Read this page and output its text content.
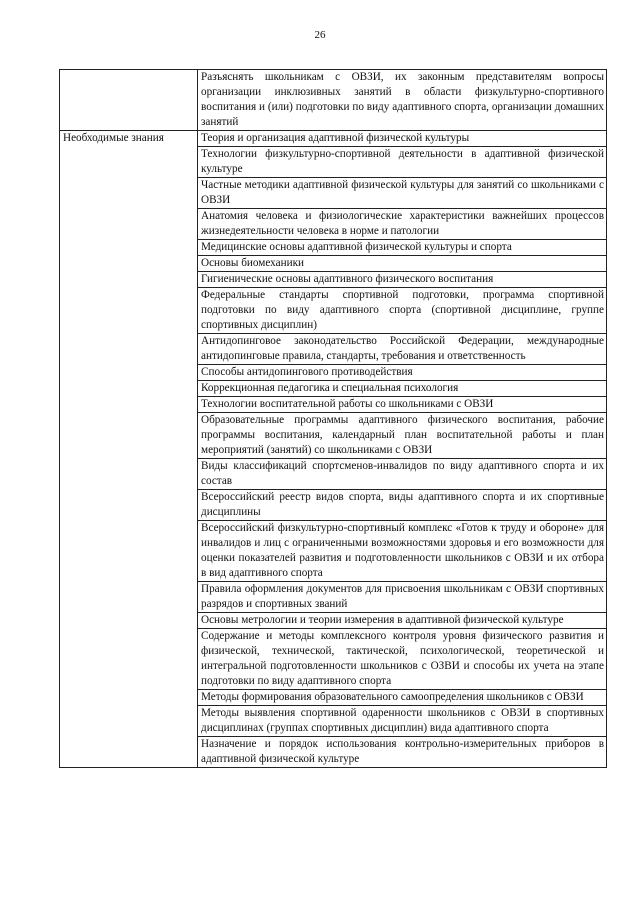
26
	Разъяснять школьникам с ОВЗИ, их законным представителям вопросы организации инклюзивных занятий в области физкультурно-спортивного воспитания и (или) подготовки по виду адаптивного спорта, организации домашних занятий
Необходимые знания	Теория и организация адаптивной физической культуры
	Технологии физкультурно-спортивной деятельности в адаптивной физической культуре
	Частные методики адаптивной физической культуры для занятий со школьниками с ОВЗИ
	Анатомия человека и физиологические характеристики важнейших процессов жизнедеятельности человека в норме и патологии
	Медицинские основы адаптивной физической культуры и спорта
	Основы биомеханики
	Гигиенические основы адаптивного физического воспитания
	Федеральные стандарты спортивной подготовки, программа спортивной подготовки по виду адаптивного спорта (спортивной дисциплине, группе спортивных дисциплин)
	Антидопинговое законодательство Российской Федерации, международные антидопинговые правила, стандарты, требования и ответственность
	Способы антидопингового противодействия
	Коррекционная педагогика и специальная психология
	Технологии воспитательной работы со школьниками с ОВЗИ
	Образовательные программы адаптивного физического воспитания, рабочие программы воспитания, календарный план воспитательной работы и план мероприятий (занятий) со школьниками с ОВЗИ
	Виды классификаций спортсменов-инвалидов по виду адаптивного спорта и их состав
	Всероссийский реестр видов спорта, виды адаптивного спорта и их спортивные дисциплины
	Всероссийский физкультурно-спортивный комплекс «Готов к труду и обороне» для инвалидов и лиц с ограниченными возможностями здоровья и его возможности для оценки показателей развития и подготовленности школьников с ОВЗИ и их отбора в вид адаптивного спорта
	Правила оформления документов для присвоения школьникам с ОВЗИ спортивных разрядов и спортивных званий
	Основы метрологии и теории измерения в адаптивной физической культуре
	Содержание и методы комплексного контроля уровня физического развития и физической, технической, тактической, психологической, теоретической и интегральной подготовленности школьников с ОЗВИ и способы их учета на этапе подготовки по виду адаптивного спорта
	Методы формирования образовательного самоопределения школьников с ОВЗИ
	Методы выявления спортивной одаренности школьников с ОВЗИ в спортивных дисциплинах (группах спортивных дисциплин) вида адаптивного спорта
	Назначение и порядок использования контрольно-измерительных приборов в адаптивной физической культуре
